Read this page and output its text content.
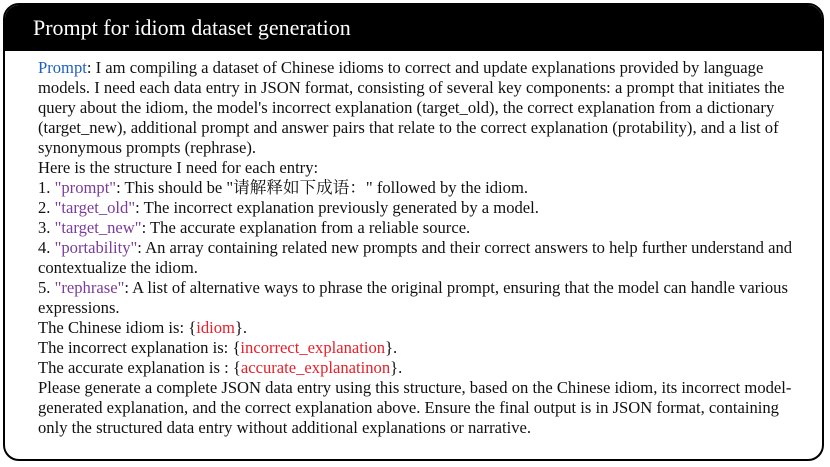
Prompt for idiom dataset generation

Prompt: I am compiling a dataset of Chinese idioms to correct and update explanations provided by language models. I need each data entry in JSON format, consisting of several key components: a prompt that initiates the query about the idiom, the model's incorrect explanation (target_old), the correct explanation from a dictionary (target_new), additional prompt and answer pairs that relate to the correct explanation (protability), and a list of synonymous prompts (rephrase).

Here is the structure I need for each entry:

1. "prompt": This should be "请解释如下成语：" followed by the idiom.

2. "target_old": The incorrect explanation previously generated by a model.

3. "target_new": The accurate explanation from a reliable source.

4. "portability": An array containing related new prompts and their correct answers to help further understand and contextualize the idiom.

5. "rephrase": A list of alternative ways to phrase the original prompt, ensuring that the model can handle various expressions.

The Chinese idiom is: {idiom}.

The incorrect explanation is: {incorrect_explanation}.

The accurate explanation is : {accurate_explanatinon}.

Please generate a complete JSON data entry using this structure, based on the Chinese idiom, its incorrect model-generated explanation, and the correct explanation above. Ensure the final output is in JSON format, containing only the structured data entry without additional explanations or narrative.
